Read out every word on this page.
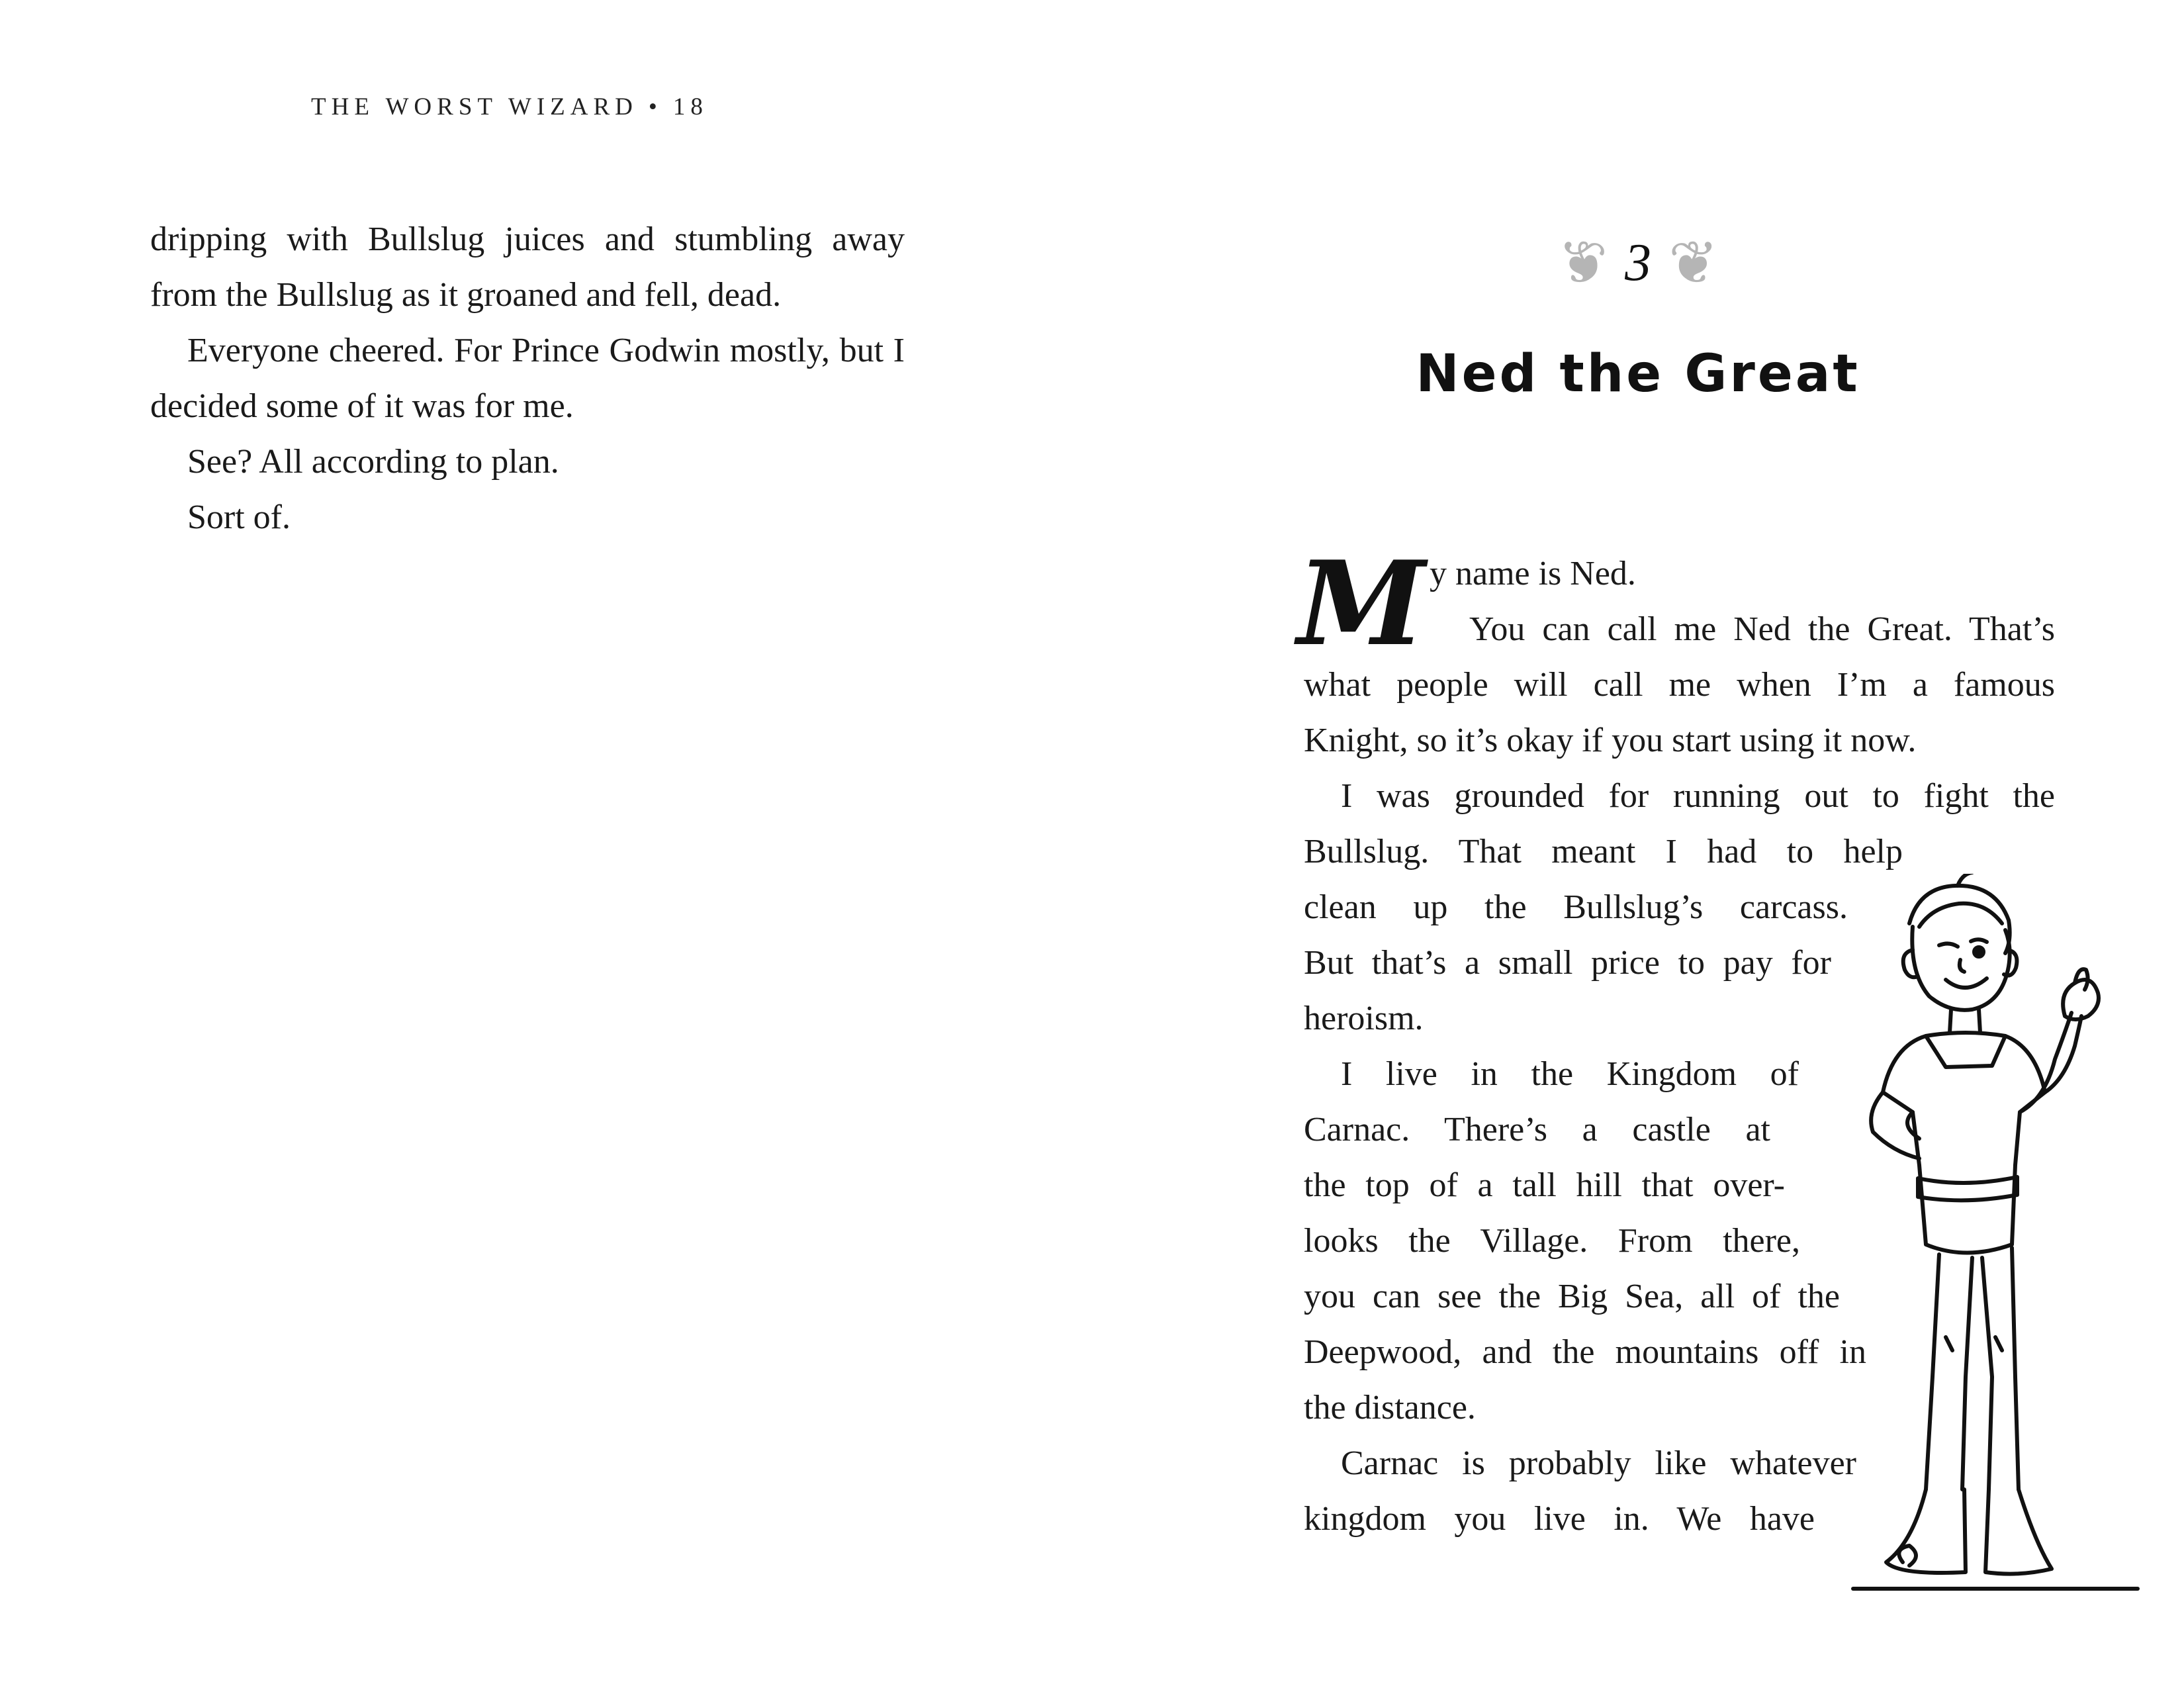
THE WORST WIZARD • 18

dripping with Bullslug juices and stumbling away from the Bullslug as it groaned and fell, dead.

Everyone cheered. For Prince Godwin mostly, but I decided some of it was for me.

See? All according to plan.

Sort of.

❦ 3 ❦
Ned the Great
M y name is Ned.
You can call me Ned the Great. That’s
what people will call me when I’m a famous
Knight, so it’s okay if you start using it now.
I was grounded for running out to fight the
Bullslug. That meant I had to help
clean up the Bullslug’s carcass.
But that’s a small price to pay for
heroism.
I live in the Kingdom of
Carnac. There’s a castle at
the top of a tall hill that over-
looks the Village. From there,
you can see the Big Sea, all of the
Deepwood, and the mountains off in
the distance.
Carnac is probably like whatever
kingdom you live in. We have
